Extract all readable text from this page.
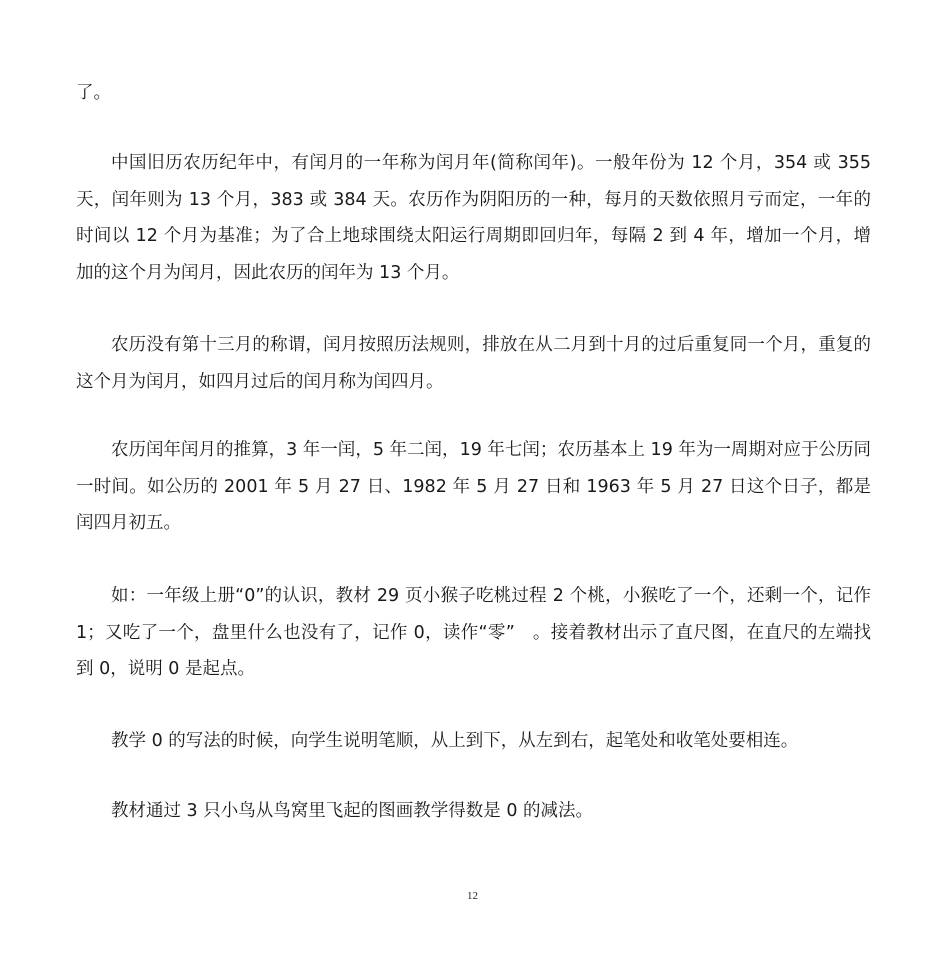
了。

中国旧历农历纪年中，有闰月的一年称为闰月年(简称闰年)。一般年份为 12 个月，354 或 355 天，闰年则为 13 个月，383 或 384 天。农历作为阴阳历的一种，每月的天数依照月亏而定，一年的时间以 12 个月为基准；为了合上地球围绕太阳运行周期即回归年，每隔 2 到 4 年，增加一个月，增加的这个月为闰月，因此农历的闰年为 13 个月。

农历没有第十三月的称谓，闰月按照历法规则，排放在从二月到十月的过后重复同一个月，重复的这个月为闰月，如四月过后的闰月称为闰四月。

农历闰年闰月的推算，3 年一闰，5 年二闰，19 年七闰；农历基本上 19 年为一周期对应于公历同一时间。如公历的 2001 年 5 月 27 日、1982 年 5 月 27 日和 1963 年 5 月 27 日这个日子，都是闰四月初五。

如：一年级上册“0”的认识，教材 29 页小猴子吃桃过程 2 个桃，小猴吃了一个，还剩一个，记作 1；又吃了一个，盘里什么也没有了，记作 0，读作“零”　。接着教材出示了直尺图，在直尺的左端找到 0，说明 0 是起点。

教学 0 的写法的时候，向学生说明笔顺，从上到下，从左到右，起笔处和收笔处要相连。

教材通过 3 只小鸟从鸟窝里飞起的图画教学得数是 0 的减法。

12
